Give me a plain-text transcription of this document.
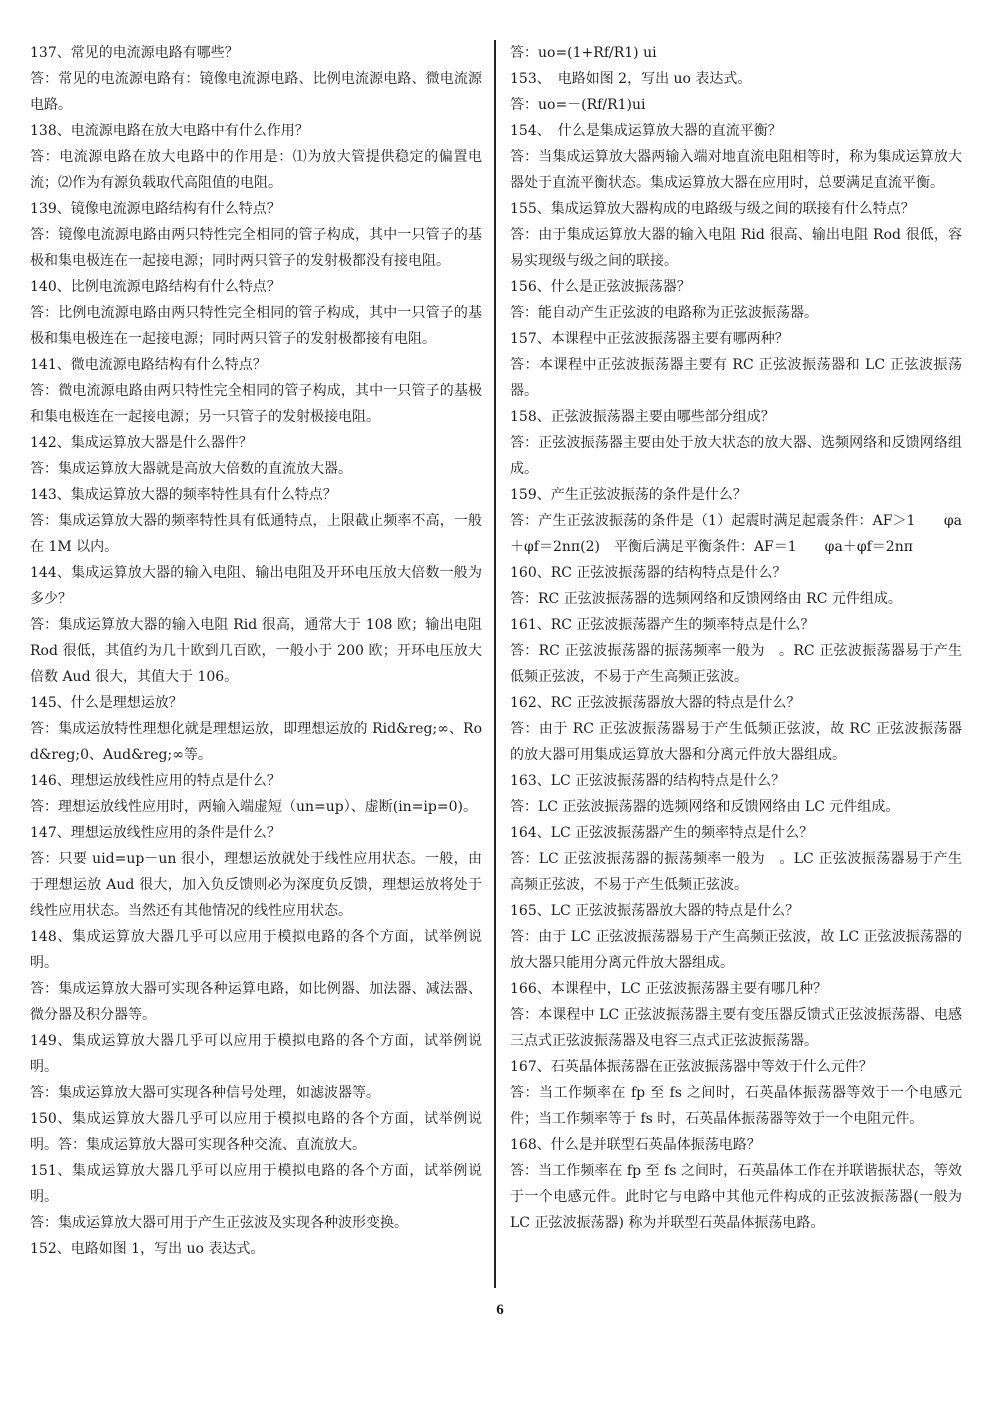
137、常见的电流源电路有哪些？

答：常见的电流源电路有：镜像电流源电路、比例电流源电路、微电流源电路。

138、电流源电路在放大电路中有什么作用？

答：电流源电路在放大电路中的作用是：⑴为放大管提供稳定的偏置电流；⑵作为有源负载取代高阻值的电阻。

139、镜像电流源电路结构有什么特点？

答：镜像电流源电路由两只特性完全相同的管子构成，其中一只管子的基极和集电极连在一起接电源；同时两只管子的发射极都没有接电阻。

140、比例电流源电路结构有什么特点？

答：比例电流源电路由两只特性完全相同的管子构成，其中一只管子的基极和集电极连在一起接电源；同时两只管子的发射极都接有电阻。

141、微电流源电路结构有什么特点？

答：微电流源电路由两只特性完全相同的管子构成，其中一只管子的基极和集电极连在一起接电源；另一只管子的发射极接电阻。

142、集成运算放大器是什么器件？

答：集成运算放大器就是高放大倍数的直流放大器。

143、集成运算放大器的频率特性具有什么特点？

答：集成运算放大器的频率特性具有低通特点，上限截止频率不高，一般在 1M 以内。

144、集成运算放大器的输入电阻、输出电阻及开环电压放大倍数一般为多少？

答：集成运算放大器的输入电阻 Rid 很高，通常大于 108 欧；输出电阻 Rod 很低，其值约为几十欧到几百欧，一般小于 200 欧；开环电压放大倍数 Aud 很大，其值大于 106。

145、什么是理想运放？

答：集成运放特性理想化就是理想运放，即理想运放的 Rid&reg;∞、Rod&reg;0、Aud&reg;∞等。

146、理想运放线性应用的特点是什么？

答：理想运放线性应用时，两输入端虚短（un=up）、虚断(in=ip=0)。

147、理想运放线性应用的条件是什么？

答：只要 uid=up－un 很小，理想运放就处于线性应用状态。一般，由于理想运放 Aud 很大，加入负反馈则必为深度负反馈，理想运放将处于线性应用状态。当然还有其他情况的线性应用状态。

148、集成运算放大器几乎可以应用于模拟电路的各个方面，试举例说明。

答：集成运算放大器可实现各种运算电路，如比例器、加法器、减法器、微分器及积分器等。

149、集成运算放大器几乎可以应用于模拟电路的各个方面，试举例说明。

答：集成运算放大器可实现各种信号处理，如滤波器等。

150、集成运算放大器几乎可以应用于模拟电路的各个方面，试举例说明。答：集成运算放大器可实现各种交流、直流放大。

151、集成运算放大器几乎可以应用于模拟电路的各个方面，试举例说明。

答：集成运算放大器可用于产生正弦波及实现各种波形变换。

152、电路如图 1，写出 uo 表达式。

答：uo=(1+Rf/R1) ui

153、　电路如图 2，写出 uo 表达式。

答：uo=－(Rf/R1)ui

154、　什么是集成运算放大器的直流平衡？

答：当集成运算放大器两输入端对地直流电阻相等时，称为集成运算放大器处于直流平衡状态。集成运算放大器在应用时，总要满足直流平衡。

155、集成运算放大器构成的电路级与级之间的联接有什么特点？

答：由于集成运算放大器的输入电阻 Rid 很高、输出电阻 Rod 很低，容易实现级与级之间的联接。

156、什么是正弦波振荡器？

答：能自动产生正弦波的电路称为正弦波振荡器。

157、本课程中正弦波振荡器主要有哪两种？

答：本课程中正弦波振荡器主要有 RC 正弦波振荡器和 LC 正弦波振荡器。

158、正弦波振荡器主要由哪些部分组成？

答：正弦波振荡器主要由处于放大状态的放大器、选频网络和反馈网络组成。

159、产生正弦波振荡的条件是什么？

答：产生正弦波振荡的条件是（1）起震时满足起震条件：AF＞1　　φa＋φf＝2nπ(2)　平衡后满足平衡条件：AF＝1　　φa＋φf＝2nπ

160、RC 正弦波振荡器的结构特点是什么？

答：RC 正弦波振荡器的选频网络和反馈网络由 RC 元件组成。

161、RC 正弦波振荡器产生的频率特点是什么？

答：RC 正弦波振荡器的振荡频率一般为　。RC 正弦波振荡器易于产生低频正弦波，不易于产生高频正弦波。

162、RC 正弦波振荡器放大器的特点是什么？

答：由于 RC 正弦波振荡器易于产生低频正弦波，故 RC 正弦波振荡器的放大器可用集成运算放大器和分离元件放大器组成。

163、LC 正弦波振荡器的结构特点是什么？

答：LC 正弦波振荡器的选频网络和反馈网络由 LC 元件组成。

164、LC 正弦波振荡器产生的频率特点是什么？

答：LC 正弦波振荡器的振荡频率一般为　。LC 正弦波振荡器易于产生高频正弦波，不易于产生低频正弦波。

165、LC 正弦波振荡器放大器的特点是什么？

答：由于 LC 正弦波振荡器易于产生高频正弦波，故 LC 正弦波振荡器的放大器只能用分离元件放大器组成。

166、本课程中，LC 正弦波振荡器主要有哪几种？

答：本课程中 LC 正弦波振荡器主要有变压器反馈式正弦波振荡器、电感三点式正弦波振荡器及电容三点式正弦波振荡器。

167、石英晶体振荡器在正弦波振荡器中等效于什么元件？

答：当工作频率在 fp 至 fs 之间时，石英晶体振荡器等效于一个电感元件；当工作频率等于 fs 时，石英晶体振荡器等效于一个电阻元件。

168、什么是并联型石英晶体振荡电路？

答：当工作频率在 fp 至 fs 之间时，石英晶体工作在并联谐振状态，等效于一个电感元件。此时它与电路中其他元件构成的正弦波振荡器(一般为 LC 正弦波振荡器) 称为并联型石英晶体振荡电路。

6
